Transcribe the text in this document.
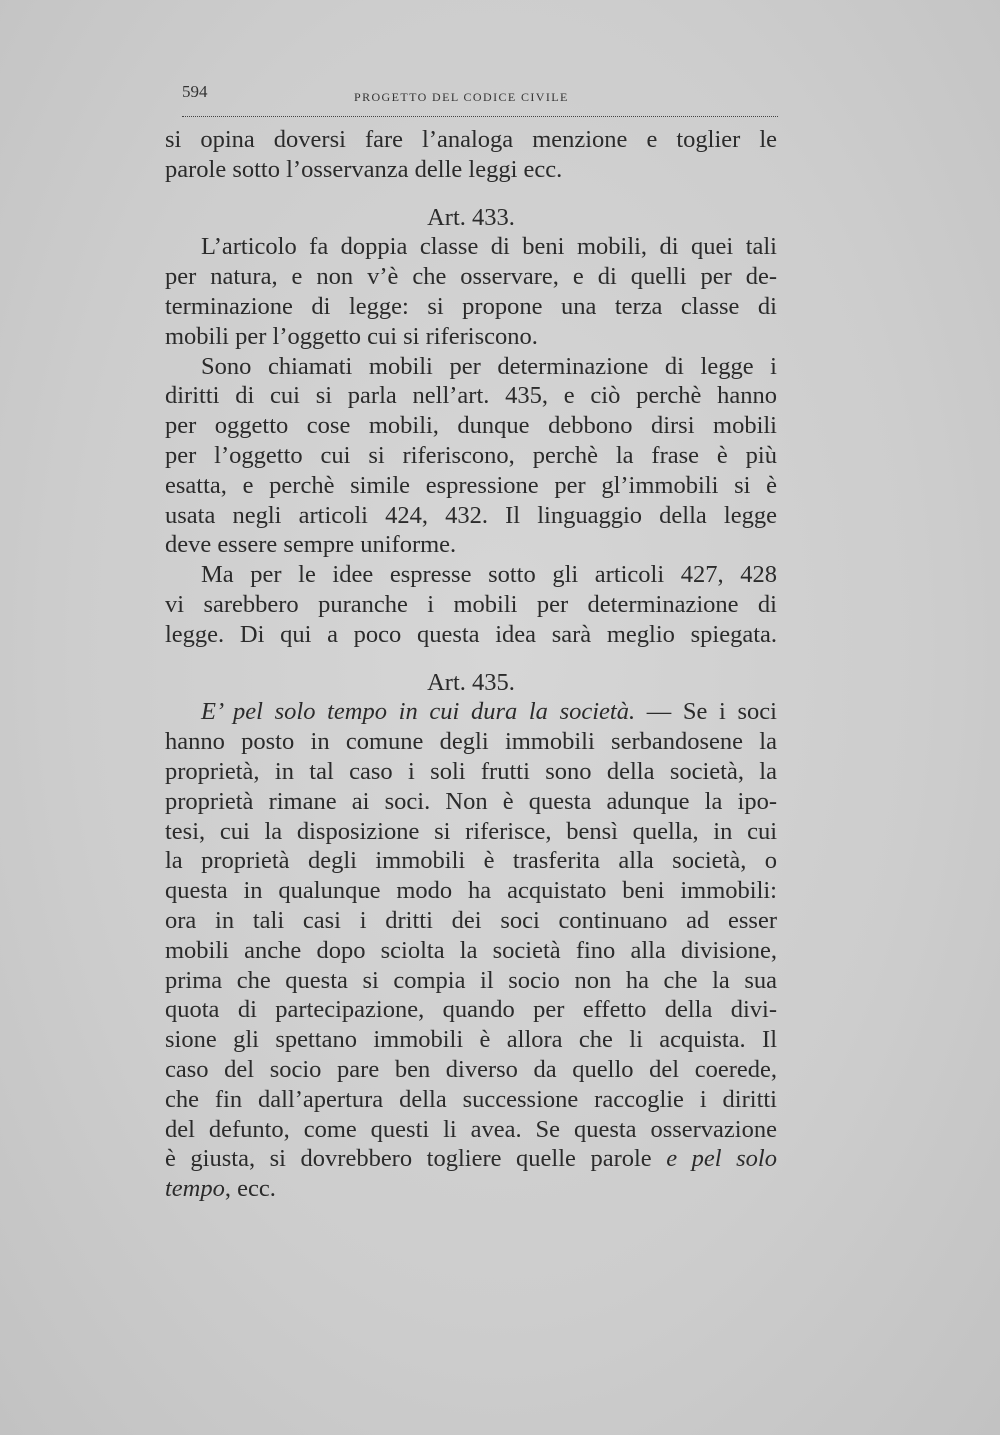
594	PROGETTO DEL CODICE CIVILE
si opina doversi fare l’analoga menzione e toglier le
parole sotto l’osservanza delle leggi ecc.
Art. 433.
L’articolo fa doppia classe di beni mobili, di quei tali
per natura, e non v’è che osservare, e di quelli per de-
terminazione di legge: si propone una terza classe di
mobili per l’oggetto cui si riferiscono.
Sono chiamati mobili per determinazione di legge i
diritti di cui si parla nell’art. 435, e ciò perchè hanno
per oggetto cose mobili, dunque debbono dirsi mobili
per l’oggetto cui si riferiscono, perchè la frase è più
esatta, e perchè simile espressione per gl’immobili si è
usata negli articoli 424, 432. Il linguaggio della legge
deve essere sempre uniforme.
Ma per le idee espresse sotto gli articoli 427, 428
vi sarebbero puranche i mobili per determinazione di
legge. Di qui a poco questa idea sarà meglio spiegata.
Art. 435.
E’ pel solo tempo in cui dura la società. — Se i soci
hanno posto in comune degli immobili serbandosene la
proprietà, in tal caso i soli frutti sono della società, la
proprietà rimane ai soci. Non è questa adunque la ipo-
tesi, cui la disposizione si riferisce, bensì quella, in cui
la proprietà degli immobili è trasferita alla società, o
questa in qualunque modo ha acquistato beni immobili:
ora in tali casi i dritti dei soci continuano ad esser
mobili anche dopo sciolta la società fino alla divisione,
prima che questa si compia il socio non ha che la sua
quota di partecipazione, quando per effetto della divi-
sione gli spettano immobili è allora che li acquista. Il
caso del socio pare ben diverso da quello del coerede,
che fin dall’apertura della successione raccoglie i diritti
del defunto, come questi li avea. Se questa osservazione
è giusta, si dovrebbero togliere quelle parole e pel solo
tempo, ecc.
